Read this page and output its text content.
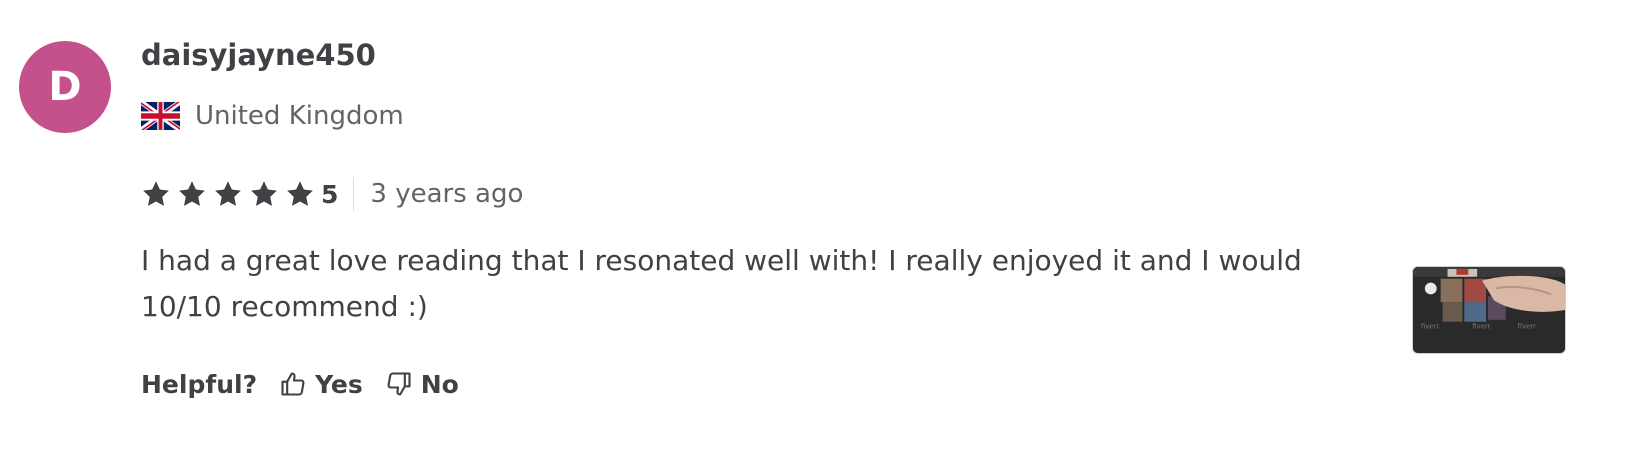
D
daisyjayne450
United Kingdom
5 3 years ago

I had a great love reading that I resonated well with! I really enjoyed it and I would 10/10 recommend :)

Helpful? Yes No
fiverr.	fiverr.	fiverr.
